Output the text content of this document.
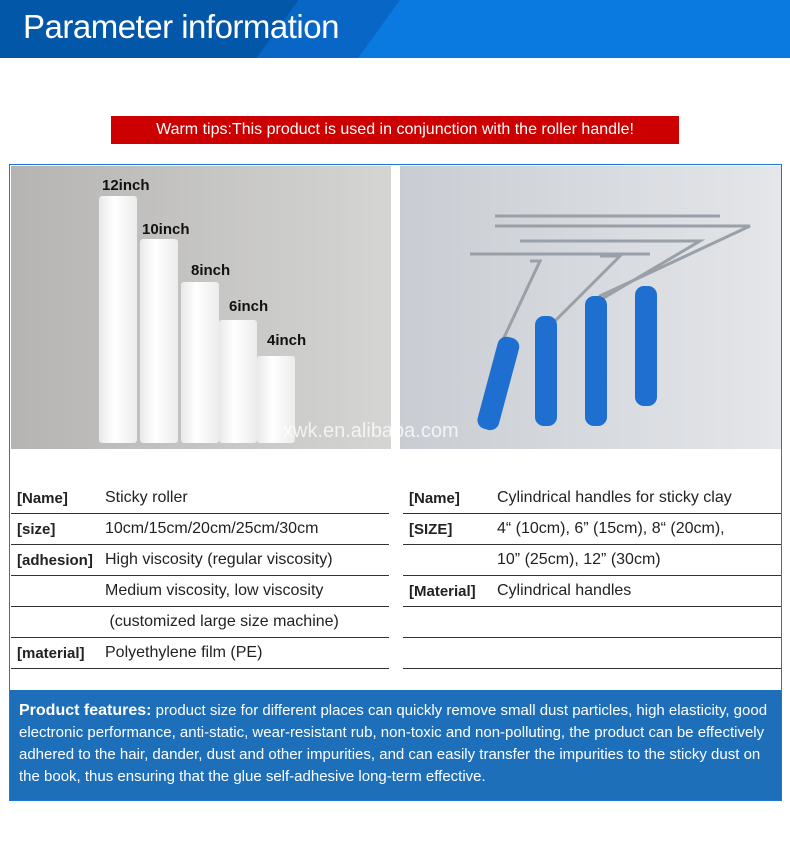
Parameter information
Warm tips:This product is used in conjunction with the roller handle!
12inch
10inch
8inch
6inch
4inch
xwk.en.alibaba.com
[Name]	Sticky roller
[size]	10cm/15cm/20cm/25cm/30cm
[adhesion] High viscosity (regular viscosity)
Medium viscosity, low viscosity
(customized large size machine)
[material]	Polyethylene film (PE)
[Name]	Cylindrical handles for sticky clay
[SIZE]	4“ (10cm), 6” (15cm), 8“ (20cm),
10” (25cm), 12” (30cm)
[Material]	Cylindrical handles
Product features: product size for different places can quickly remove small dust particles, high elasticity, good electronic performance, anti-static, wear-resistant rub, non-toxic and non-polluting, the product can be effectively adhered to the hair, dander, dust and other impurities, and can easily transfer the impurities to the sticky dust on the book, thus ensuring that the glue self-adhesive long-term effective.
